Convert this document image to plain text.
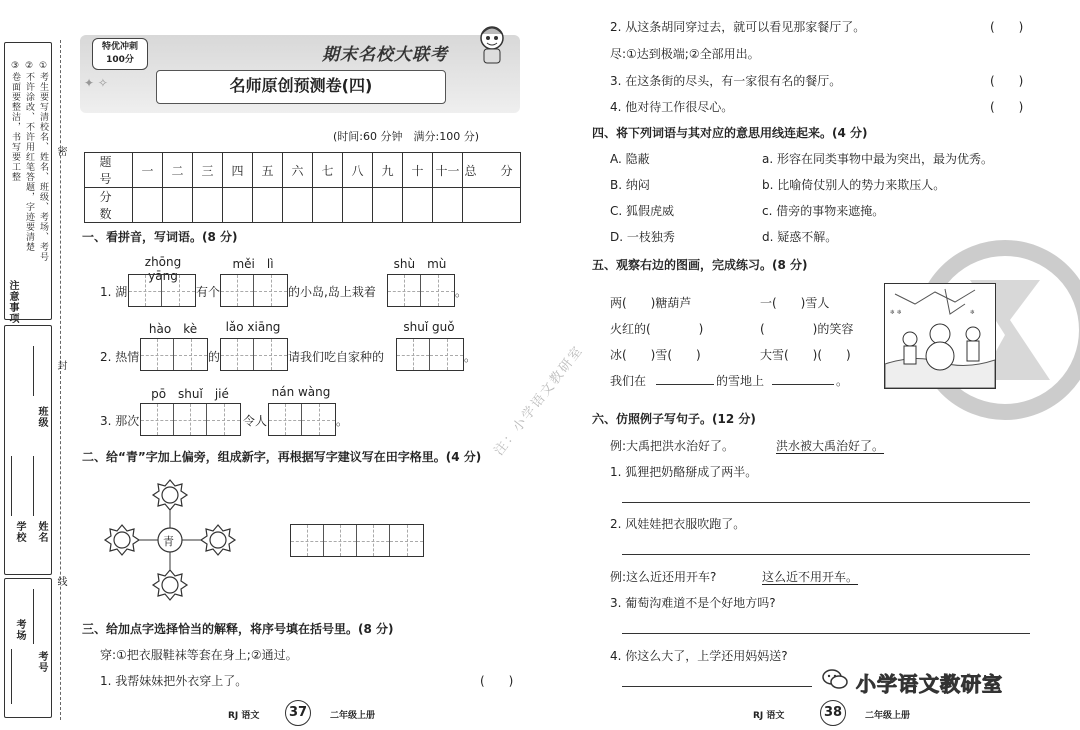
①考生要写清校名、姓名、班级、考场、考号
②不许涂改、不许用红笔答题，字迹要清楚
③卷面要整洁，书写要工整
注意事项
密
封
线
班级
学校 姓名
考场
考号
特优冲刺
100分	期末名校大联考
名师原创预测卷(四)
✦ ✧
(时间:60 分钟　满分:100 分)
题　号	一	二	三	四	五	六	七	八	九	十	十一	总　分
分　数												
一、看拼音，写词语。(8 分)
zhōng yāng
měi　lì	shù　mù
1. 湖	有个	的小岛,岛上栽着	。
hào　kè	lǎo xiāng	shuǐ guǒ
2. 热情	的	请我们吃自家种的	。
pō　shuǐ　jié	nán wàng
3. 那次	令人	。
二、给“青”字加上偏旁，组成新字，再根据写字建议写在田字格里。(4 分)
青
三、给加点字选择恰当的解释，将序号填在括号里。(8 分)
穿:①把衣服鞋袜等套在身上;②通过。
1. 我帮妹妹把外衣穿上了。	(　　)
RJ 语文	37	二年级上册
2. 从这条胡同穿过去，就可以看见那家餐厅了。	(　　)
尽:①达到极端;②全部用出。
3. 在这条街的尽头，有一家很有名的餐厅。	(　　)
4. 他对待工作很尽心。	(　　)
四、将下列词语与其对应的意思用线连起来。(4 分)
A. 隐蔽	a. 形容在同类事物中最为突出，最为优秀。
B. 纳闷	b. 比喻倚仗别人的势力来欺压人。
C. 狐假虎威	c. 借旁的事物来遮掩。
D. 一枝独秀	d. 疑惑不解。
五、观察右边的图画，完成练习。(8 分)
两(　　)糖葫芦	一(　　)雪人
火红的(　　　　)	(　　　　)的笑容
冰(　　)雪(　　)	大雪(　　)(　　)
我们在	的雪地上	。
❄ ❄	❄
注：小学语文教研室 六、仿照例子写句子。(12 分)
例:大禹把洪水治好了。	洪水被大禹治好了。
1. 狐狸把奶酪掰成了两半。
2. 风娃娃把衣服吹跑了。
例:这么近还用开车?	这么近不用开车。
3. 葡萄沟难道不是个好地方吗?
4. 你这么大了，上学还用妈妈送?
小学语文教研室
RJ 语文	38	二年级上册
